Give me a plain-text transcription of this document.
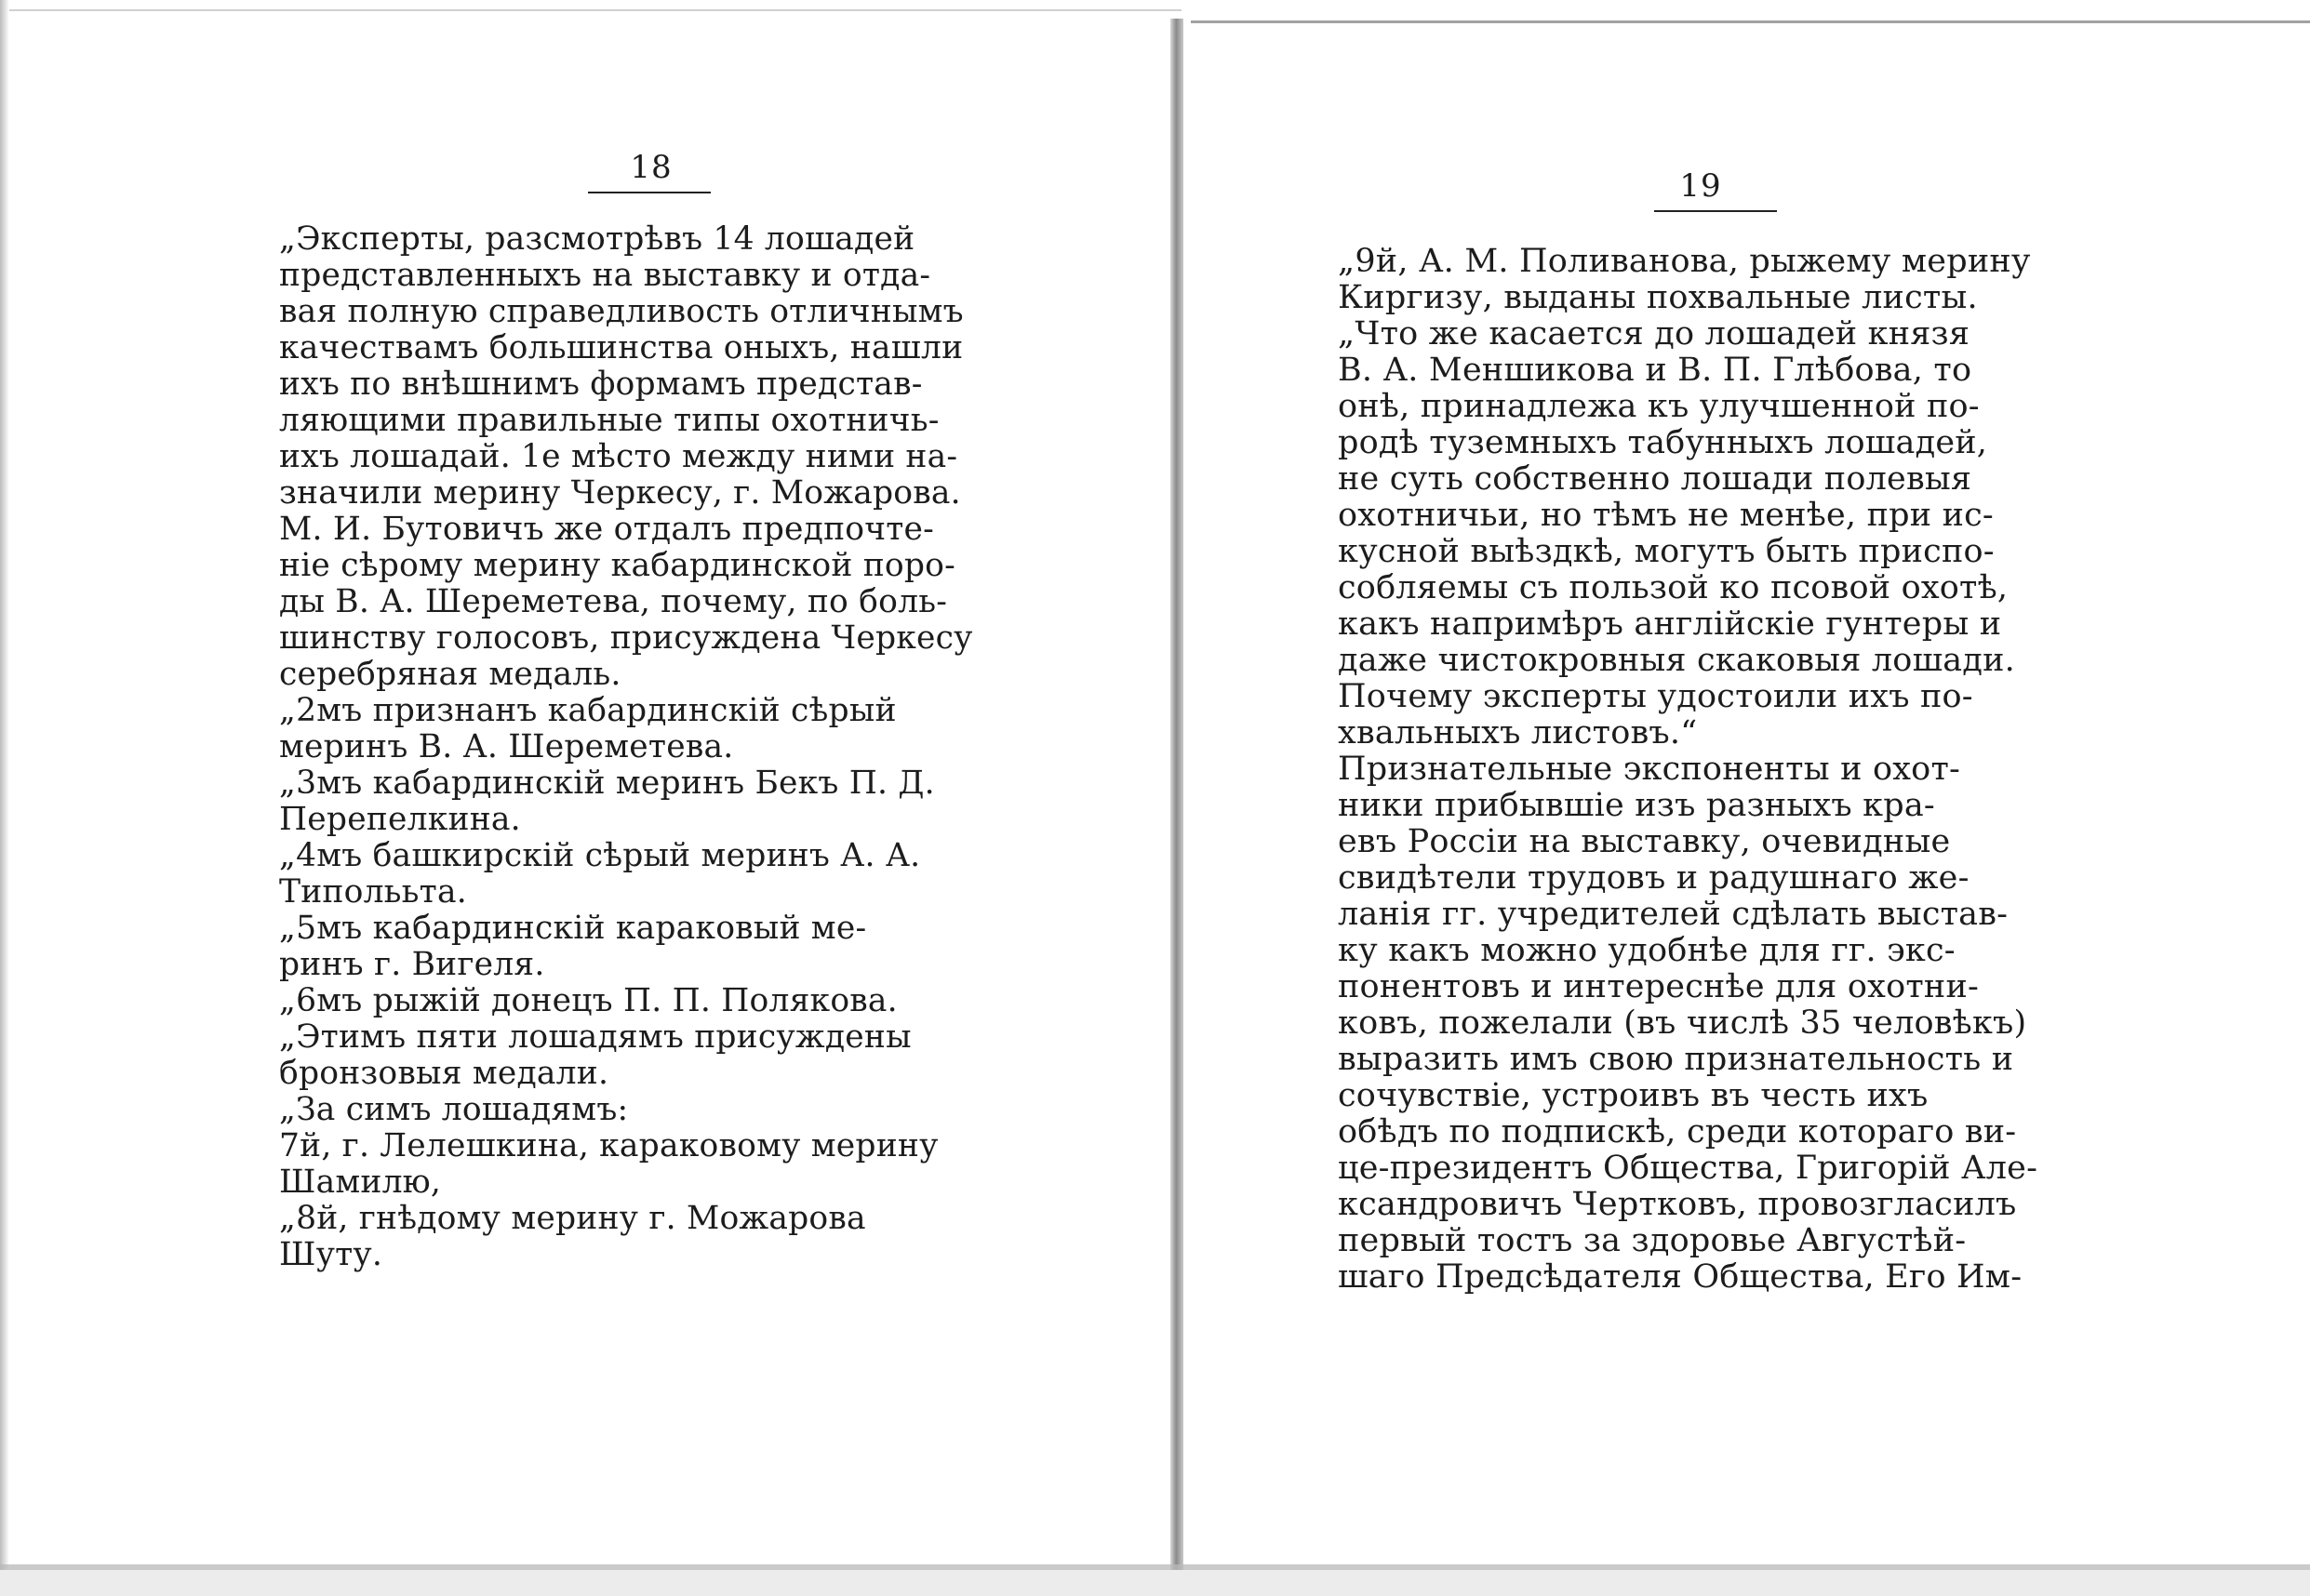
18
„Эксперты, разсмотрѣвъ 14 лошадей
представленныхъ на выставку и отда-
вая полную справедливость отличнымъ
качествамъ большинства оныхъ, нашли
ихъ по внѣшнимъ формамъ представ-
ляющими правильные типы охотничь-
ихъ лошадай. 1е мѣсто между ними на-
значили мерину Черкесу, г. Можарова.
М. И. Бутовичъ же отдалъ предпочте-
ніе сѣрому мерину кабардинской поро-
ды В. А. Шереметева, почему, по боль-
шинству голосовъ, присуждена Черкесу
серебряная медаль.
„2мъ признанъ кабардинскій сѣрый
меринъ В. А. Шереметева.
„3мъ кабардинскій меринъ Бекъ П. Д.
Перепелкина.
„4мъ башкирскій сѣрый меринъ А. А.
Типолььта.
„5мъ кабардинскій караковый ме-
ринъ г. Вигеля.
„6мъ рыжій донецъ П. П. Полякова.
„Этимъ пяти лошадямъ присуждены
бронзовыя медали.
„За симъ лошадямъ:
7й, г. Лелешкина, караковому мерину
Шамилю,
„8й, гнѣдому мерину г. Можарова
Шуту.
19
„9й, А. М. Поливанова, рыжему мерину
Киргизу, выданы похвальные листы.
„Что же касается до лошадей князя
В. А. Меншикова и В. П. Глѣбова, то
онѣ, принадлежа къ улучшенной по-
родѣ туземныхъ табунныхъ лошадей,
не суть собственно лошади полевыя
охотничьи, но тѣмъ не менѣе, при ис-
кусной выѣздкѣ, могутъ быть приспо-
собляемы съ пользой ко псовой охотѣ,
какъ напримѣръ англійскіе гунтеры и
даже чистокровныя скаковыя лошади.
Почему эксперты удостоили ихъ по-
хвальныхъ листовъ.“
Признательные экспоненты и охот-
ники прибывшіе изъ разныхъ кра-
евъ Россіи на выставку, очевидные
свидѣтели трудовъ и радушнаго же-
ланія гг. учредителей сдѣлать выстав-
ку какъ можно удобнѣе для гг. экс-
понентовъ и интереснѣе для охотни-
ковъ, пожелали (въ числѣ 35 человѣкъ)
выразить имъ свою признательность и
сочувствіе, устроивъ въ честь ихъ
обѣдъ по подпискѣ, среди котораго ви-
це-президентъ Общества, Григорій Але-
ксандровичъ Чертковъ, провозгласилъ
первый тостъ за здоровье Августѣй-
шаго Предсѣдателя Общества, Его Им-
